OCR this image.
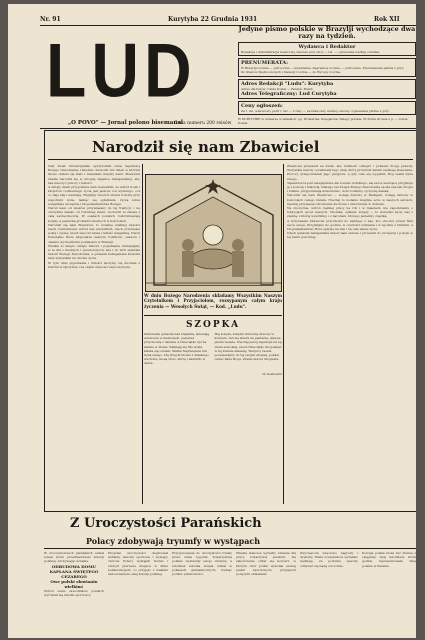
Nr. 91	Kurytyba 22 Grudnia 1931	Rok XII
LUD	Jedyne pismo polskie w Brazylji wychodzące dwa razy na tydzień.
Wydawca i Redaktor
Redakcja i Administracja mieści się obecnie przy ulicy — tel. — ogłoszenia według cennika.
PRENUMERATA:
W Brazylji rocznie — półrocznie — kwartalnie. Zagranicą rocznie — półrocznie. Prenumerata płatna z góry.
Do Stanów Zjednoczonych i Kanady rocznie — do Europy rocznie.
Adres Redakcji "Ludu": Kurytyba
Adres dla listów: Caixa Postal — Paraná. Brazil.
Adres Telegraficzny: Lud Curytyba
Ceny ogłoszeń:
Za 1 cm. wierszowy petit 1 raz — 2 razy — za kilka razy według umowy. Ogłoszenia płatne z góry.
W KURYTYBIE w numerze w składach: pp. Drukarnia, Księgarnia, Sklepy polskie. W Ponta Grossa u p. — Caixa Postal.
„O POVO" — Jornal polono bisemanal
Cena numeru 200 reisów
Narodził się nam Zbawiciel

Cały świat chrześcijański uprzytomnił sobie tajemnicę Bożego Narodzenia, radośnie obchodzi ten dzień w którym Słowo ciałem się stało i mieszkało między nami. Zbawiciel świata narodził się w ubogiej stajence betlejemskiej, aby nas nauczyć pokory i miłości.

A święty dzień przypomina nam wszystkim, że wśród trosk i kłopotów codziennego życia jest jeszcze coś wyższego, coś co daje siłę i nadzieję. Wigilijny wieczór zbiera rodziny przy wspólnym stole, łamiąc się opłatkiem, życzą sobie wzajemnie szczęścia i błogosławieństwa Bożego.

Naród nasz od wieków przywiązany do tej tradycji, i na obczyźnie daleko od rodzinnej ziemi, obchodzi te święta z całą serdecznością. W osadach polskich rozbrzmiewają kolędy, a pasterka gromadzi wiernych w kościołach.

Narodził się nam Zbawiciel, to wołanie wielkiej radości niech rozbrzmiewa wśród nas wszystkich, niech przyniesie pokój i zgodę, niech umocni wiarę i miłość wzajemną. Niech Dzieciątko Boże błogosławi naszym rodzinom, osadom i całemu wychodźstwu polskiemu w Brazylji.

Wielkie to święto, święto miłości i pojednania. Pamiętajmy w te dni o biednych i opuszczonych, aby i do nich zawitała radość Bożego Narodzenia, a gwiazda betlejemska świeciła nam wszystkim na drodze życia.

W tym dniu pojednania i miłości łączymy się duchem z braćmi w Ojczyźnie i na całym świecie rozproszonymi.

W dniu Bożego Narodzenia składamy Wszystkim Naszym Czytelnikom i Przyjaciołom, rozsypanym całym kraju życzenia — Wesołych Świąt, — Kod. ,,Ludu".
SZOPKA
Zaświeciła gwiazda nad stajenką, śpiewają aniołowie w niebiosach, pasterze przychodzą z darami, a Dzieciątko śpi na sianku w żłobie. Kłaniają się Mu wołki, kłania się osiołek, Matka Najświętsza tuli Syna swego. Idą trzej królowie z dalekiego wschodu, niosą złoto, mirrę i kadzidło w darze.
Hej kolęda, kolęda! Dzwonią dzwony w kościele, lud się zbiera na pasterkę, śpiewa pieśni wesele. Niechaj pokój zapanuje na tej ziemi szerokiej, niech Dzieciątko błogosławi w tej krainie dalekiej. Wszyscy razem pospieszajmy do tej szopki ubogiej, pokłon oddać Panu Bogu, Zbawicielowi drogiemu.
W. Gaślewski

Zbawiciel przyszedł na świat, aby ludzkość odkupić i pokazać drogę prawdy. Wszystkie narody oczekiwały tego dnia, który przyniósł światu nadzieję zbawienia. Prorocy przepowiadali Jego przyjście, a gdy czas się wypełnił, Bóg zesłał Syna swego.

Tajemnica ta jest niezgłębiona dla rozumu ludzkiego, ale serce wierzące przyjmuje ją z pokorą i miłością. Dlatego też święta Bożego Narodzenia są dla nas tak drogie i bliskie, przypominają dzieciństwo, dom rodzinny, ojczyznę daleką.

Narodził się nam Zbawiciel — wołają dzwony w Betlejem, wołają dzwony w kościołach całego świata. Niechaj to wołanie znajdzie echo w naszych sercach, niechaj przyniesie odrodzenie duchowe i umocnienie w dobrem.

Na obczyźnie, wśród ciężkiej pracy na roli i w miastach, nie zapominamy o tradycjach ojców naszych. Choinka, opłatek, kolędy — to wszystko łączy nas z ziemią, z której wyszliśmy, i z narodem, którego jesteśmy cząstką.

A tymczasem Zbawiciel przychodzi do każdego z nas, kto otworzy przed Nim serce swoje. Przyjmijmy Go godnie, w czystości sumienia i w zgodzie z bliźnimi, a błogosławieństwo Boże spłynie na nas i na całe nasze życie.

Niech gwiazda betlejemska świeci nam zawsze i prowadzi do szczęścia i pokoju w tej ziemi gościnnej.

Z Uroczystości Parańskich
Polacy zdobywają tryumfy w wystąpach

W uroczystościach parańskich udział wzięli liczni przedstawiciele kolonji polskiej, zdobywając uznanie.

ODBUDOWA DOMU KAPŁANA ŚWIĘTEGO CEZAREGO
Owe polski słowianin wielkim!

Wśród wielu zawodników polskich wyróżnili się młodzi sportowcy.

Program uroczystości obejmował defilady, zawody sportowe i występy chórów. Polacy wystąpili licznie i zdobyli pierwsze miejsca w kilku konkurencjach, co przyjęto z wielkim zadowoleniem całej kolonji polskiej.

Przygotowania do uroczystości trwały przez wiele tygodni. Towarzystwa polskie wystawiły swoje drużyny, a młodzież szkolna wzięła udział w pokazach gimnastycznych, budząc podziw publiczności.

Władze stanowe wyraziły uznanie dla pracy towarzystw polskich. Na zakończenie odbył się koncert, w którym chór polski wykonał szereg pieśni narodowych, przyjętych gorącymi oklaskami.

Zwycięzcom wręczono nagrody i dyplomy. Wielu uczestników wyrażało nadzieję, że podobne zawody odbywać się będą corocznie.

Kolonja polska może być dumna z osiągnięć swej młodzieży, która godnie reprezentowała imię polskie w Paranie.
